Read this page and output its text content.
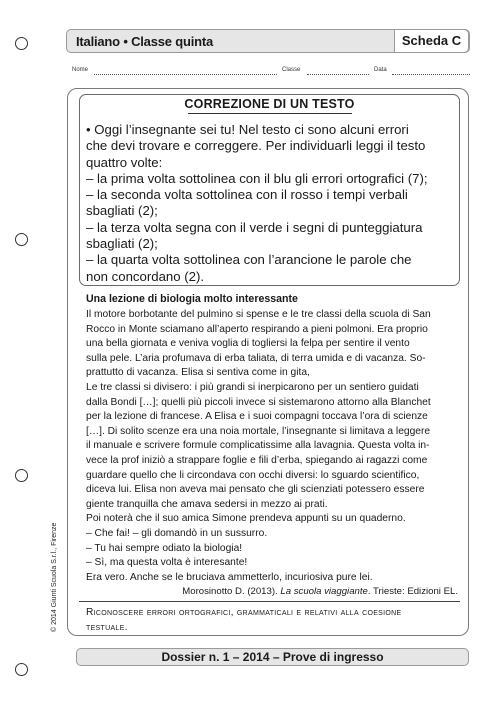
Italiano • Classe quinta	Scheda C
Nome	Classe	Data
CORREZIONE DI UN TESTO
• Oggi l’insegnante sei tu! Nel testo ci sono alcuni errori
che devi trovare e correggere. Per individuarli leggi il testo
quattro volte:
– la prima volta sottolinea con il blu gli errori ortografici (7);
– la seconda volta sottolinea con il rosso i tempi verbali
sbagliati (2);
– la terza volta segna con il verde i segni di punteggiatura
sbagliati (2);
– la quarta volta sottolinea con l’arancione le parole che
non concordano (2).
Una lezione di biologia molto interessante
Il motore borbotante del pulmino si spense e le tre classi della scuola di San
Rocco in Monte sciamano all’aperto respirando a pieni polmoni. Era proprio
una bella giornata e veniva voglia di togliersi la felpa per sentire il vento
sulla pele. L’aria profumava di erba taliata, di terra umida e di vacanza. So-
prattutto di vacanza. Elisa si sentiva come in gita,
Le tre classi si divisero: i più grandi si inerpicarono per un sentiero guidati
dalla Bondi […]; quelli più piccoli invece si sistemarono attorno alla Blanchet
per la lezione di francese. A Elisa e i suoi compagni toccava l’ora di scienze
[…]. Di solito scenze era una noia mortale, l’insegnante si limitava a leggere
il manuale e scrivere formule complicatissime alla lavagnia. Questa volta in-
vece la prof iniziò a strappare foglie e fili d’erba, spiegando ai ragazzi come
guardare quello che li circondava con occhi diversi: lo sguardo scientifico,
diceva lui. Elisa non aveva mai pensato che gli scienziati potessero essere
giente tranquilla che amava sedersi in mezzo ai prati.
Poi noterà che il suo amica Simone prendeva appunti su un quaderno.
– Che fai! – gli domandò in un sussurro.
– Tu hai sempre odiato la biologia!
– Sì, ma questa volta è interesante!
Era vero. Anche se le bruciava ammetterlo, incuriosiva pure lei.
Morosinotto D. (2013). La scuola viaggiante. Trieste: Edizioni EL.
Riconoscere errori ortografici, grammaticali e relativi alla coesione
testuale.
Dossier n. 1 – 2014 – Prove di ingresso
© 2014 Giunti Scuola S.r.l., Firenze
